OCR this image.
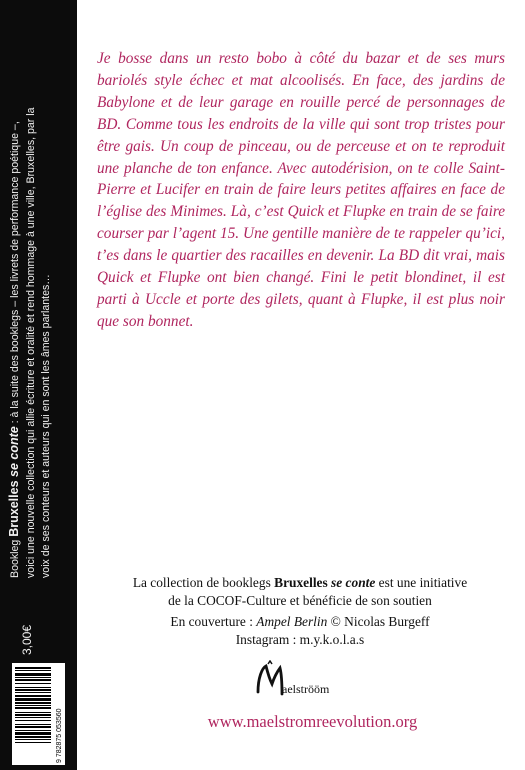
Bookleg Bruxelles se conte : à la suite des booklegs – les livrets de performance poétique –, voici une nouvelle collection qui allie écriture et oralité et rend hommage à une ville, Bruxelles, par la voix de ses conteurs et auteurs qui en sont les âmes parlantes…
3,00€
9 782875 053560

Je bosse dans un resto bobo à côté du bazar et de ses murs bariolés style échec et mat alcoolisés. En face, des jardins de Babylone et de leur garage en rouille percé de personnages de BD. Comme tous les endroits de la ville qui sont trop tristes pour être gais. Un coup de pinceau, ou de perceuse et on te reproduit une planche de ton enfance. Avec autodérision, on te colle Saint-Pierre et Lucifer en train de faire leurs petites affaires en face de l’église des Minimes. Là, c’est Quick et Flupke en train de se faire courser par l’agent 15. Une gentille manière de te rappeler qu’ici, t’es dans le quartier des racailles en devenir. La BD dit vrai, mais Quick et Flupke ont bien changé. Fini le petit blondinet, il est parti à Uccle et porte des gilets, quant à Flupke, il est plus noir que son bonnet.

La collection de booklegs Bruxelles se conte est une initiative
de la COCOF-Culture et bénéficie de son soutien
En couverture : Ampel Berlin © Nicolas Burgeff
Instagram : m.y.k.o.l.a.s
aelströöm
www.maelstromreevolution.org
